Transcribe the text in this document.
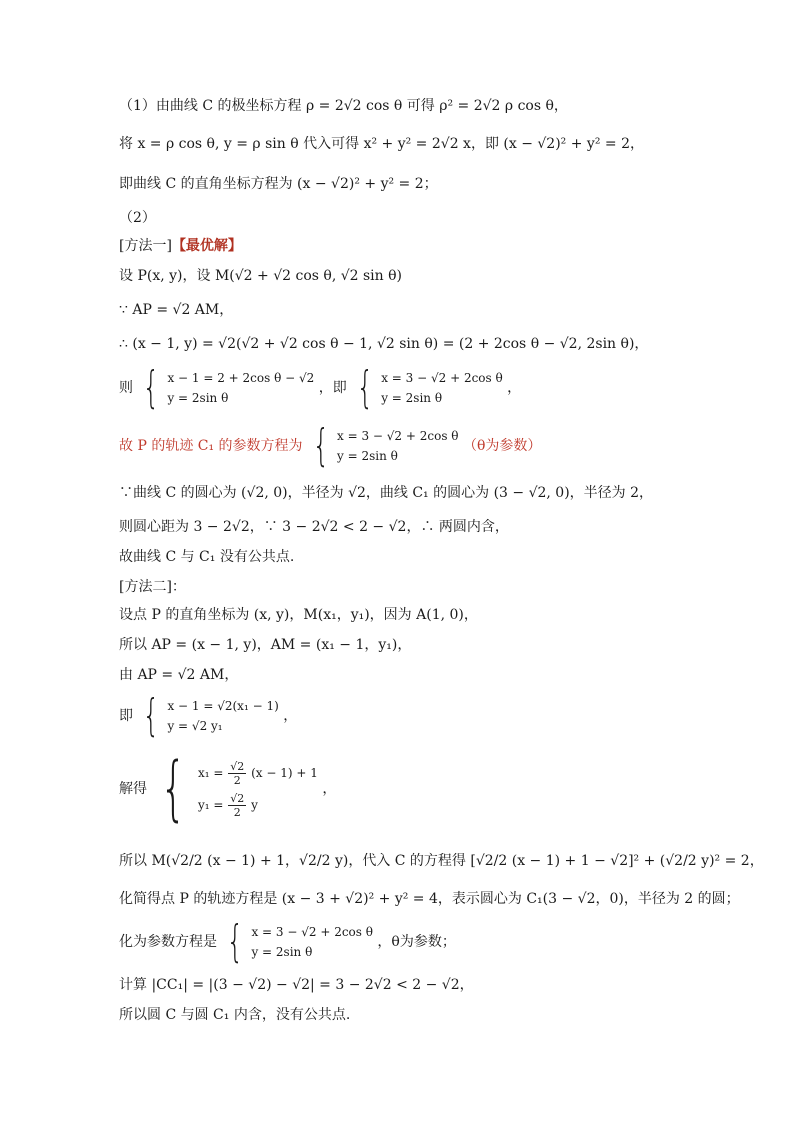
（1）由曲线 C 的极坐标方程 ρ = 2√2 cos θ 可得 ρ² = 2√2 ρ cos θ，
将 x = ρ cos θ, y = ρ sin θ 代入可得 x² + y² = 2√2 x，即 (x − √2)² + y² = 2，
即曲线 C 的直角坐标方程为 (x − √2)² + y² = 2；
（2）
[方法一]【最优解】
设 P(x, y)，设 M(√2 + √2 cos θ, √2 sin θ)
∵ AP = √2 AM，
∴ (x − 1, y) = √2(√2 + √2 cos θ − 1, √2 sin θ) = (2 + 2cos θ − √2, 2sin θ)，
则 { x − 1 = 2 + 2cos θ − √2
y = 2sin θ
，即 { x = 3 − √2 + 2cos θ
y = 2sin θ
，
故 P 的轨迹 C₁ 的参数方程为 { x = 3 − √2 + 2cos θ
y = 2sin θ
（θ为参数）
∵曲线 C 的圆心为 (√2, 0)，半径为 √2，曲线 C₁ 的圆心为 (3 − √2, 0)，半径为 2，
则圆心距为 3 − 2√2，∵ 3 − 2√2 < 2 − √2，∴ 两圆内含，
故曲线 C 与 C₁ 没有公共点.
[方法二]：
设点 P 的直角坐标为 (x, y)，M(x₁，y₁)，因为 A(1, 0)，
所以 AP = (x − 1, y)，AM = (x₁ − 1，y₁)，
由 AP = √2 AM，
即 { x − 1 = √2(x₁ − 1)
y = √2 y₁
，
解得 { $x_1 = \frac{√2}{2} (x - 1) + 1$
$y_1 = \frac{√2}{2}$ y
，
所以 M(√2/2 (x − 1) + 1，√2/2 y)，代入 C 的方程得 [√2/2 (x − 1) + 1 − √2]² + (√2/2 y)² = 2，
化简得点 P 的轨迹方程是 (x − 3 + √2)² + y² = 4，表示圆心为 C₁(3 − √2，0)，半径为 2 的圆；
化为参数方程是 { x = 3 − √2 + 2cos θ
y = 2sin θ
，θ为参数；
计算 |CC₁| = |(3 − √2) − √2| = 3 − 2√2 < 2 − √2，
所以圆 C 与圆 C₁ 内含，没有公共点.
